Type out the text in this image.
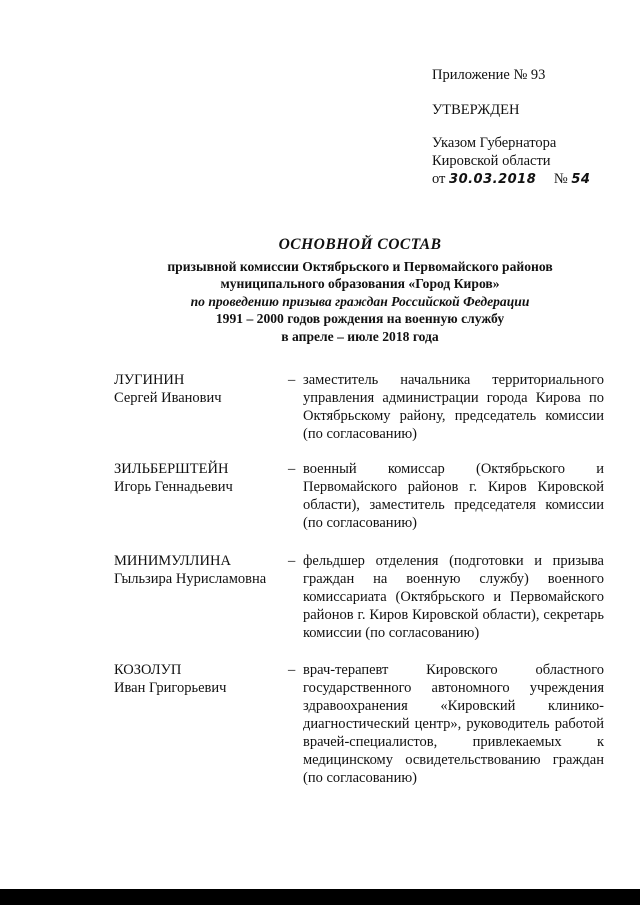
Приложение № 93
УТВЕРЖДЕН
Указом Губернатора
Кировской области
от 30.03.2018 № 54
ОСНОВНОЙ СОСТАВ
призывной комиссии Октябрьского и Первомайского районов
муниципального образования «Город Киров»
по проведению призыва граждан Российской Федерации
1991 – 2000 годов рождения на военную службу
в апреле – июле 2018 года
ЛУГИНИН
Сергей Иванович
– заместитель начальника территориального управления администрации города Кирова по Октябрьскому району, председатель комиссии (по согласованию)
ЗИЛЬБЕРШТЕЙН
Игорь Геннадьевич
– военный комиссар (Октябрьского и Первомайского районов г. Киров Кировской области), заместитель председателя комиссии (по согласованию)
МИНИМУЛЛИНА
Гыльзира Нурисламовна
– фельдшер отделения (подготовки и призыва граждан на военную службу) военного комиссариата (Октябрьского и Первомайского районов г. Киров Кировской области), секретарь комиссии (по согласованию)
КОЗОЛУП
Иван Григорьевич
– врач-терапевт Кировского областного государственного автономного учреждения здравоохранения «Кировский клинико-диагностический центр», руководитель работой врачей-специалистов, привлекаемых к медицинскому освидетельствованию граждан (по согласованию)
